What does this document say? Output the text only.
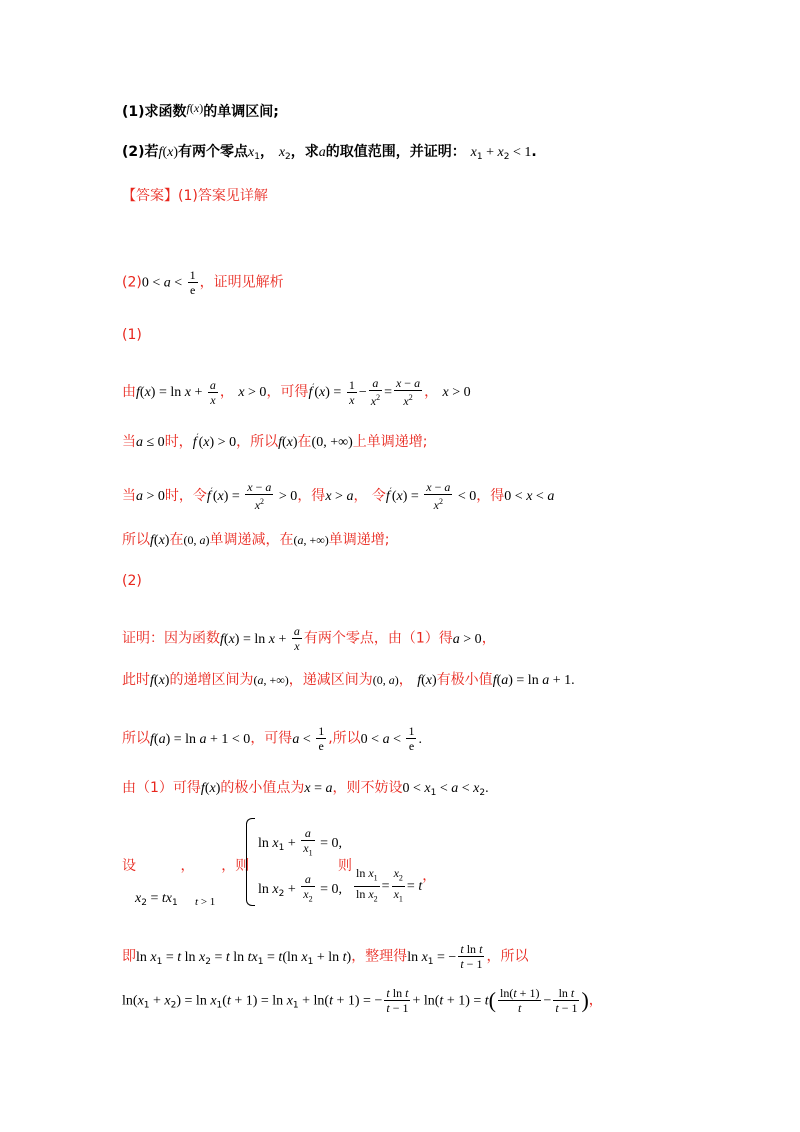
(1)求函数f(x)的单调区间;
(2)若f(x)有两个零点$x_1$， $x_2$，求a的取值范围，并证明： $x_1 + x_2 < 1$.
【答案】(1)答案见详解
$(2)0 < a < \frac{1}{e}$ ，证明见解析
(1)
由$f(x) = \ln x + \frac{a}{x}$ ， x > 0，可得$f'(x) = \frac{1}{x} - \frac{a}{x^2} = \frac{x - a}{x^2}$ ， x > 0
当a ≤ 0时，f′(x) > 0，所以f(x)在(0, +∞)上单调递增;
当a > 0时，令$f'(x) = \frac{x - a}{x^2} > 0$，得x > a， 令$f'(x) = \frac{x - a}{x^2} < 0$，得0 < x < a
所以f(x)在(0, a)单调递减，在(a, +∞)单调递增;
(2)
证明：因为函数$f(x) = \ln x + \frac{a}{x}$ 有两个零点，由（1）得a > 0，
此时f(x)的递增区间为(a, +∞)，递减区间为(0, a)， f(x)有极小值f(a) = ln a + 1.
所以f(a) = ln a + 1 < 0，可得$a < \frac{1}{e}$ ,所以$0 < a < \frac{1}{e}$ .
由（1）可得f(x)的极小值点为x = a，则不妨设$0 < x_1 < a < x_2$.
设          ，      ，则
$x_2 = tx_1$ t > 1
$\ln x_1 + \frac{a}{x_1} = 0$,
$\ln x_2 + \frac{a}{x_2} = 0$,
则
$\frac{\ln x_1}{\ln x_2} = \frac{x_2}{x_1} = t$，
即$\ln x_1 = t$ $\ln x_2 = t$ $\ln tx_1 = t(\ln$ $x_1 + \ln t$)，整理得$\ln x_1$ = − $\frac{\text{t ln t}}{t - 1}$ ，所以
$\ln(x_1 + x_2) = \ln x_1(t + 1) = \ln x_1 + \ln(t + 1)$ = − $\frac{\text{t ln t}}{t - 1} + \ln(t + 1) = t( \frac{\ln(t + 1)}{t} - \frac{\text{ln t}}{t - 1}$ )，
